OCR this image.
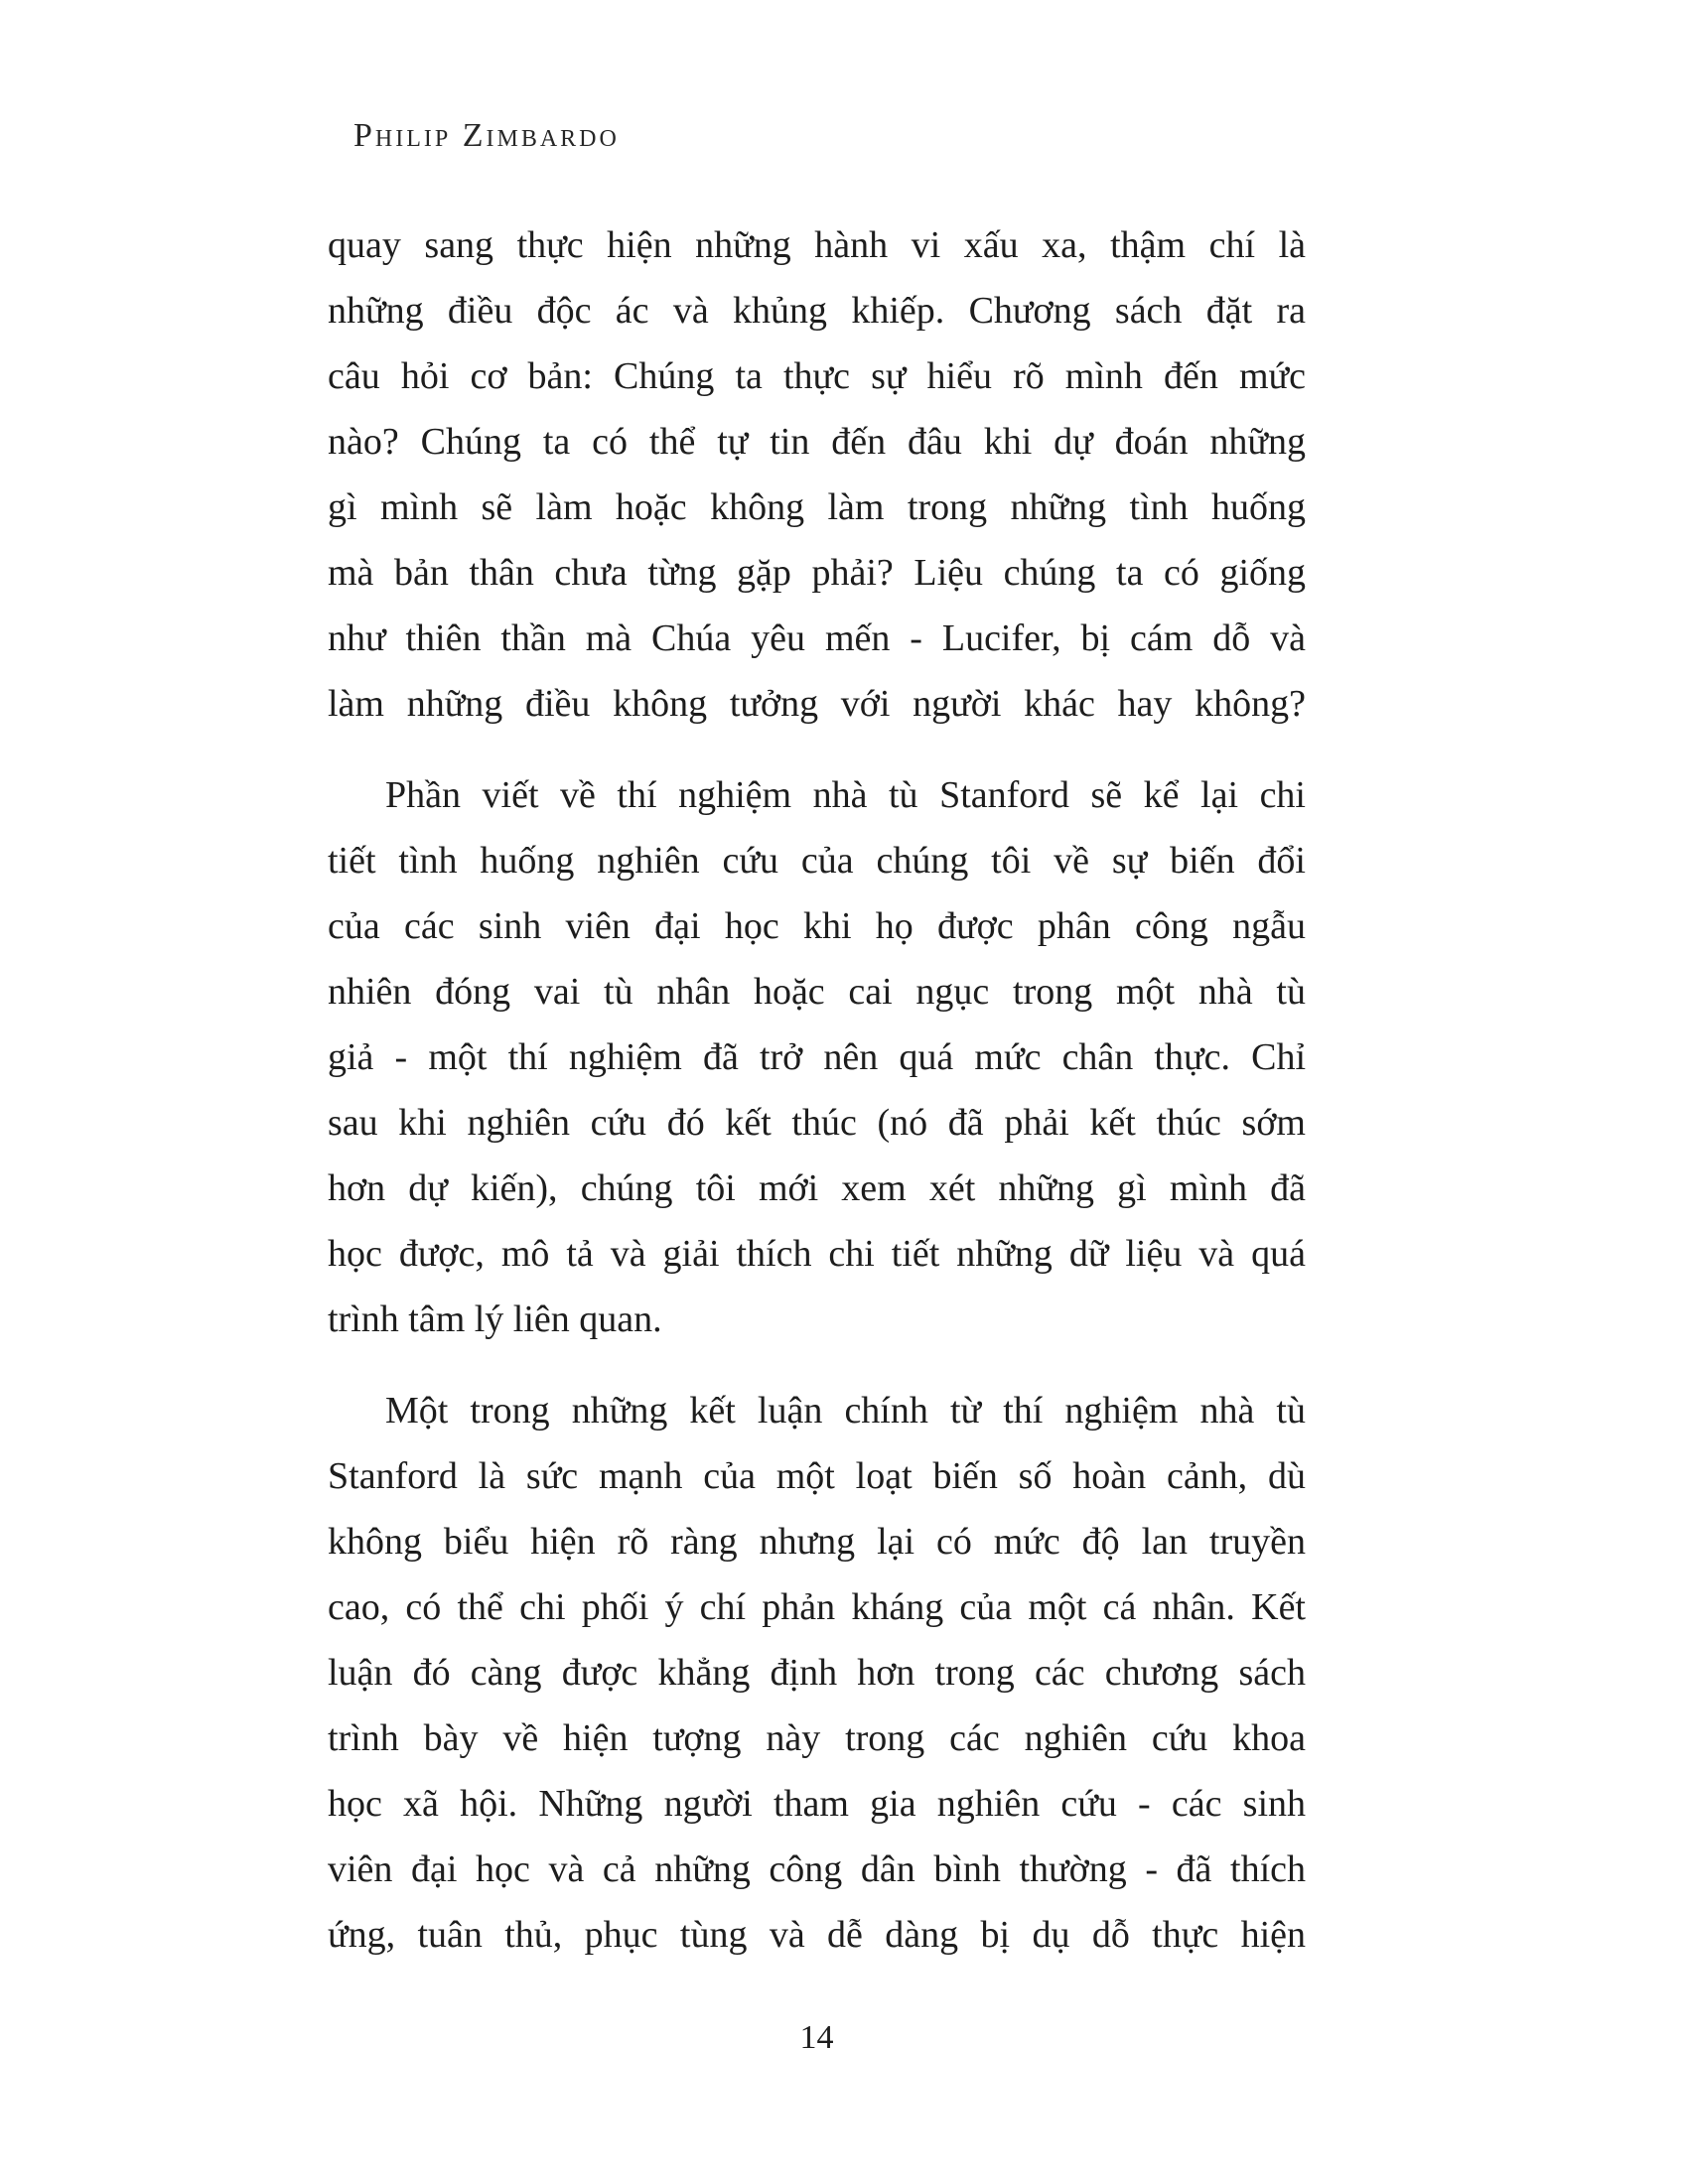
Philip Zimbardo
quay sang thực hiện những hành vi xấu xa, thậm chí là
những điều độc ác và khủng khiếp. Chương sách đặt ra
câu hỏi cơ bản: Chúng ta thực sự hiểu rõ mình đến mức
nào? Chúng ta có thể tự tin đến đâu khi dự đoán những
gì mình sẽ làm hoặc không làm trong những tình huống
mà bản thân chưa từng gặp phải? Liệu chúng ta có giống
như thiên thần mà Chúa yêu mến - Lucifer, bị cám dỗ và
làm những điều không tưởng với người khác hay không?
Phần viết về thí nghiệm nhà tù Stanford sẽ kể lại chi
tiết tình huống nghiên cứu của chúng tôi về sự biến đổi
của các sinh viên đại học khi họ được phân công ngẫu
nhiên đóng vai tù nhân hoặc cai ngục trong một nhà tù
giả - một thí nghiệm đã trở nên quá mức chân thực. Chỉ
sau khi nghiên cứu đó kết thúc (nó đã phải kết thúc sớm
hơn dự kiến), chúng tôi mới xem xét những gì mình đã
học được, mô tả và giải thích chi tiết những dữ liệu và quá
trình tâm lý liên quan.
Một trong những kết luận chính từ thí nghiệm nhà tù
Stanford là sức mạnh của một loạt biến số hoàn cảnh, dù
không biểu hiện rõ ràng nhưng lại có mức độ lan truyền
cao, có thể chi phối ý chí phản kháng của một cá nhân. Kết
luận đó càng được khẳng định hơn trong các chương sách
trình bày về hiện tượng này trong các nghiên cứu khoa
học xã hội. Những người tham gia nghiên cứu - các sinh
viên đại học và cả những công dân bình thường - đã thích
ứng, tuân thủ, phục tùng và dễ dàng bị dụ dỗ thực hiện
14
